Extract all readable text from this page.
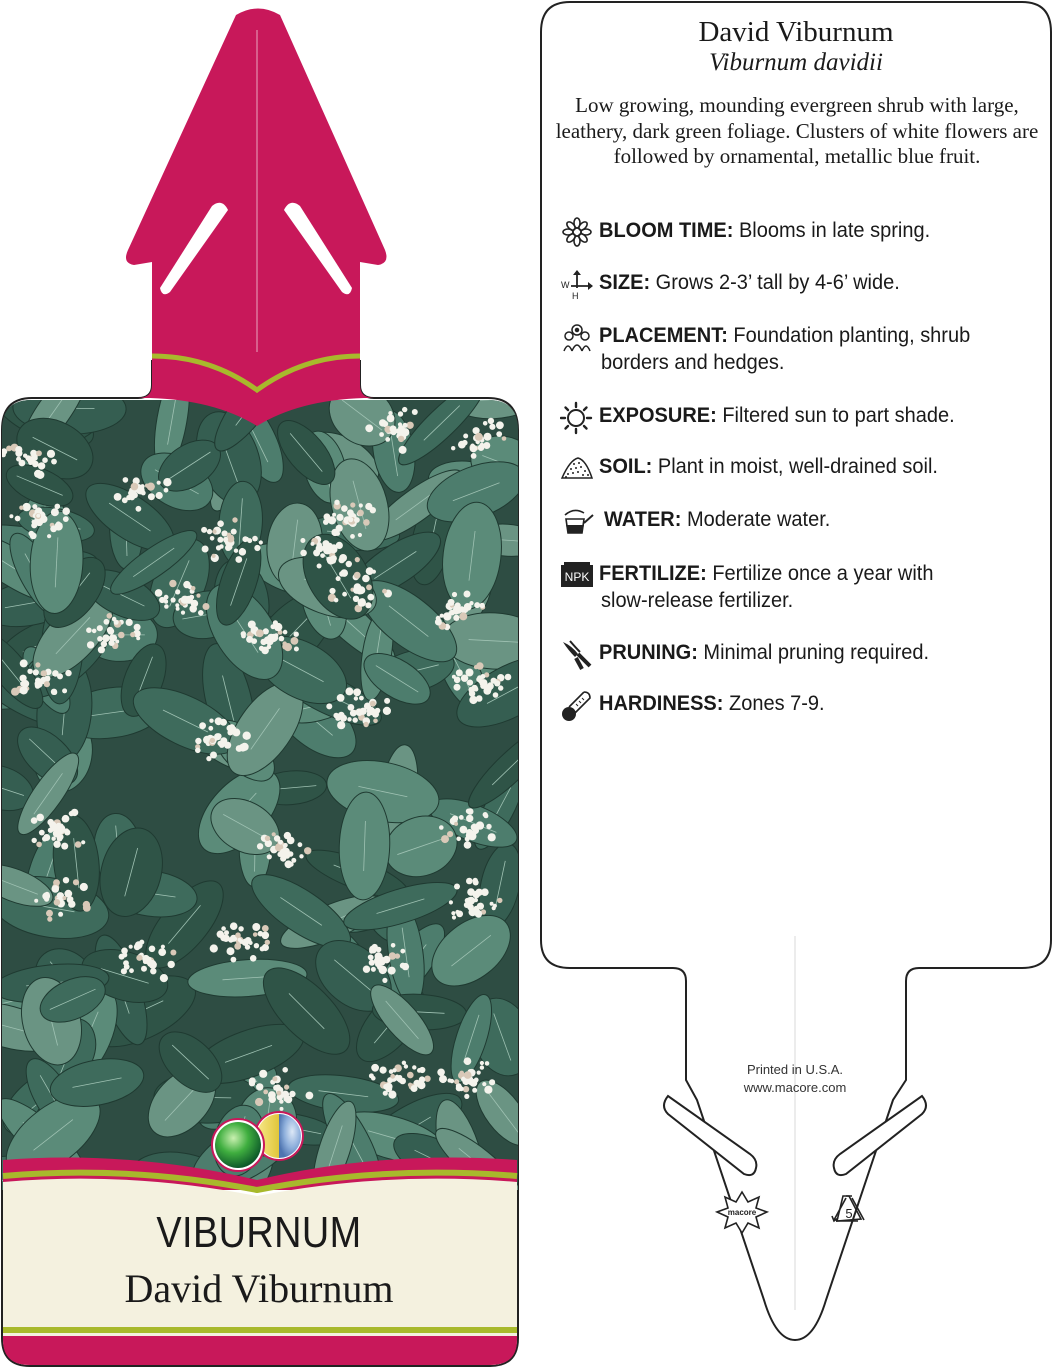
macore	5
VIBURNUM
David Viburnum
David Viburnum
Viburnum davidii
Low growing, mounding evergreen shrub with large, leathery, dark green foliage. Clusters of white flowers are followed by ornamental, metallic blue fruit.
BLOOM TIME: Blooms in late spring.
W
H
SIZE: Grows 2-3’ tall by 4-6’ wide.
PLACEMENT: Foundation planting, shrub
borders and hedges.
EXPOSURE: Filtered sun to part shade.
SOIL: Plant in moist, well-drained soil.
WATER: Moderate water.
NPK FERTILIZE: Fertilize once a year with
slow-release fertilizer.
PRUNING: Minimal pruning required.
HARDINESS: Zones 7-9.
Printed in U.S.A.
www.macore.com
